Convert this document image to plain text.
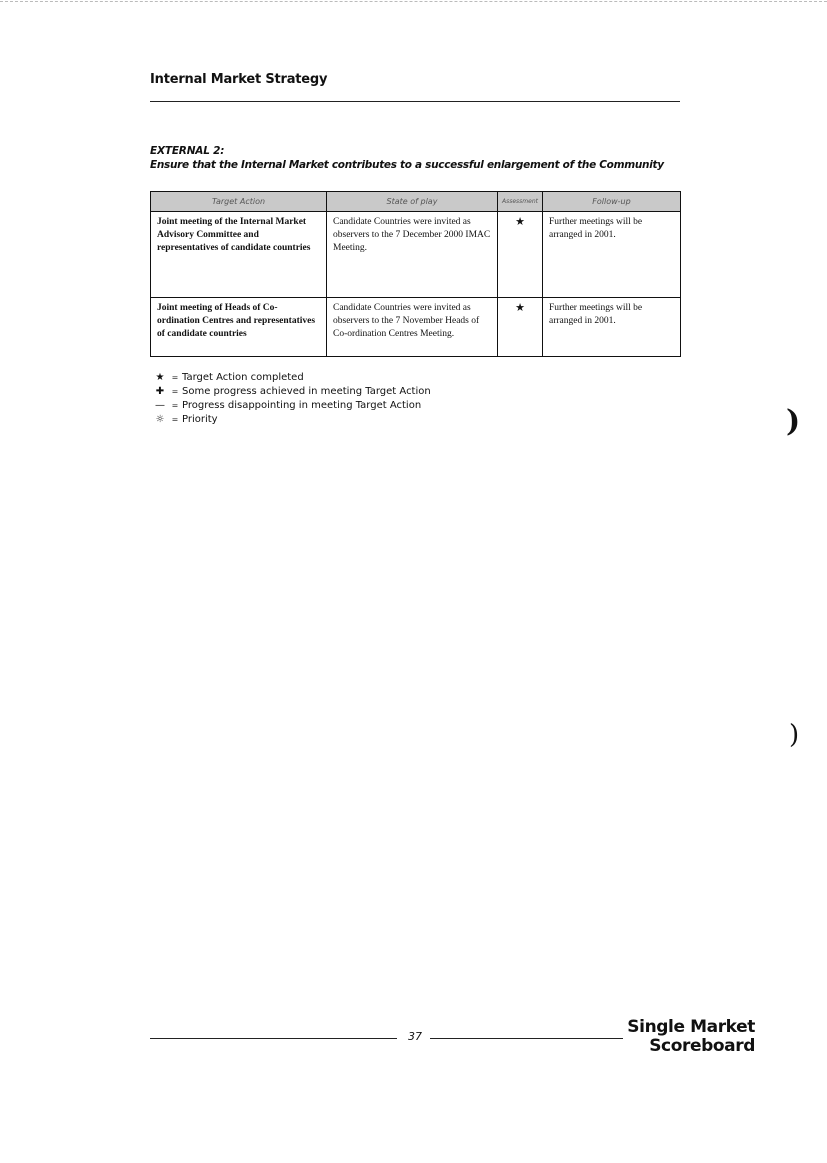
Internal Market Strategy
EXTERNAL 2:
Ensure that the Internal Market contributes to a successful enlargement of the Community
Target Action	State of play	Assessment	Follow-up
Joint meeting of the Internal Market Advisory Committee and representatives of candidate countries	Candidate Countries were invited as observers to the 7 December 2000 IMAC Meeting.	★	Further meetings will be arranged in 2001.
Joint meeting of Heads of Co-ordination Centres and representatives of candidate countries	Candidate Countries were invited as observers to the 7 November Heads of Co-ordination Centres Meeting.	★	Further meetings will be arranged in 2001.
★ = Target Action completed
✚ = Some progress achieved in meeting Target Action
— = Progress disappointing in meeting Target Action
☼ = Priority	)
)
37	Single Market
Scoreboard
